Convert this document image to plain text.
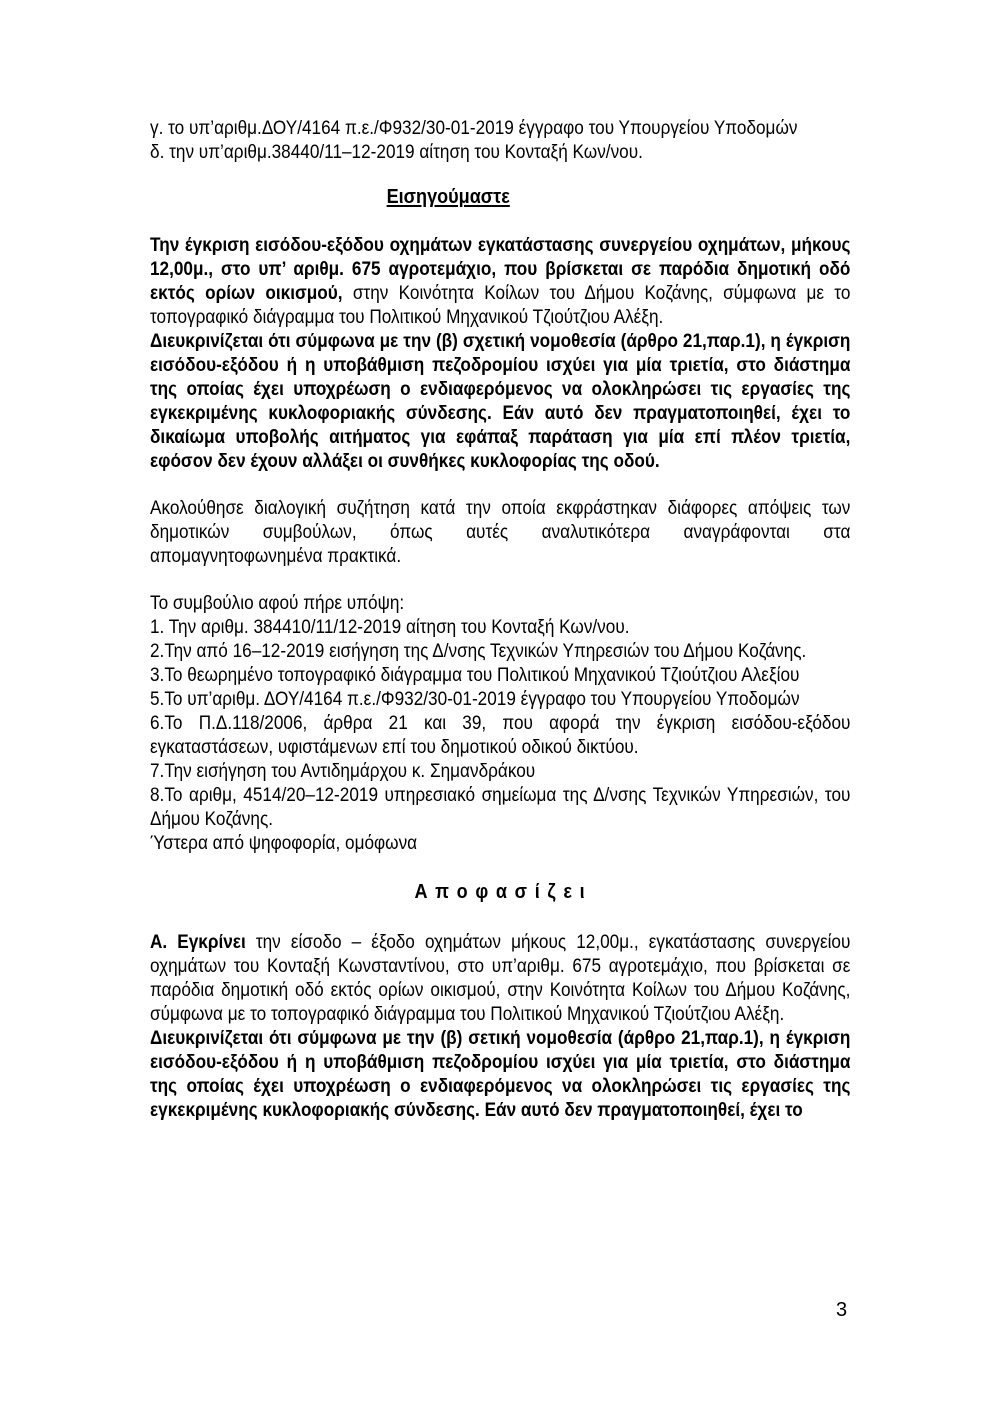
γ. το υπ’αριθμ.ΔΟΥ/4164 π.ε./Φ932/30-01-2019 έγγραφο του Υπουργείου Υποδομών

δ. την υπ’αριθμ.38440/11–12-2019 αίτηση του Κονταξή Κων/νου.

Εισηγούμαστε

Την έγκριση εισόδου-εξόδου οχημάτων εγκατάστασης συνεργείου οχημάτων, μήκους 12,00μ., στο υπ’ αριθμ. 675 αγροτεμάχιο, που βρίσκεται σε παρόδια δημοτική οδό εκτός ορίων οικισμού, στην Κοινότητα Κοίλων του Δήμου Κοζάνης, σύμφωνα με το τοπογραφικό διάγραμμα του Πολιτικού Μηχανικού Τζιούτζιου Αλέξη.

Διευκρινίζεται ότι σύμφωνα με την (β) σχετική νομοθεσία (άρθρο 21,παρ.1), η έγκριση εισόδου-εξόδου ή η υποβάθμιση πεζοδρομίου ισχύει για μία τριετία, στο διάστημα της οποίας έχει υποχρέωση ο ενδιαφερόμενος να ολοκληρώσει τις εργασίες της εγκεκριμένης κυκλοφοριακής σύνδεσης. Εάν αυτό δεν πραγματοποιηθεί, έχει το δικαίωμα υποβολής αιτήματος για εφάπαξ παράταση για μία επί πλέον τριετία, εφόσον δεν έχουν αλλάξει οι συνθήκες κυκλοφορίας της οδού.

Ακολούθησε διαλογική συζήτηση κατά την οποία εκφράστηκαν διάφορες απόψεις των δημοτικών συμβούλων, όπως αυτές αναλυτικότερα αναγράφονται στα απομαγνητοφωνημένα πρακτικά.

Το συμβούλιο αφού πήρε υπόψη:

1. Την αριθμ. 384410/11/12-2019 αίτηση του Κονταξή Κων/νου.

2.Την από 16–12-2019 εισήγηση της Δ/νσης Τεχνικών Υπηρεσιών του Δήμου Κοζάνης.

3.Το θεωρημένο τοπογραφικό διάγραμμα του Πολιτικού Μηχανικού Τζιούτζιου Αλεξίου

5.Το υπ’αριθμ. ΔΟΥ/4164 π.ε./Φ932/30-01-2019 έγγραφο του Υπουργείου Υποδομών

6.Το Π.Δ.118/2006, άρθρα 21 και 39, που αφορά την έγκριση εισόδου-εξόδου εγκαταστάσεων, υφιστάμενων επί του δημοτικού οδικού δικτύου.

7.Την εισήγηση του Αντιδημάρχου κ. Σημανδράκου

8.Το αριθμ, 4514/20–12-2019 υπηρεσιακό σημείωμα της Δ/νσης Τεχνικών Υπηρεσιών, του Δήμου Κοζάνης.

Ύστερα από ψηφοφορία, ομόφωνα

Α π ο φ α σ ί ζ ε ι

Α. Εγκρίνει την είσοδο – έξοδο οχημάτων μήκους 12,00μ., εγκατάστασης συνεργείου οχημάτων του Κονταξή Κωνσταντίνου, στο υπ’αριθμ. 675 αγροτεμάχιο, που βρίσκεται σε παρόδια δημοτική οδό εκτός ορίων οικισμού, στην Κοινότητα Κοίλων του Δήμου Κοζάνης, σύμφωνα με το τοπογραφικό διάγραμμα του Πολιτικού Μηχανικού Τζιούτζιου Αλέξη.

Διευκρινίζεται ότι σύμφωνα με την (β) σετική νομοθεσία (άρθρο 21,παρ.1), η έγκριση εισόδου-εξόδου ή η υποβάθμιση πεζοδρομίου ισχύει για μία τριετία, στο διάστημα της οποίας έχει υποχρέωση ο ενδιαφερόμενος να ολοκληρώσει τις εργασίες της εγκεκριμένης κυκλοφοριακής σύνδεσης. Εάν αυτό δεν πραγματοποιηθεί, έχει το

3
